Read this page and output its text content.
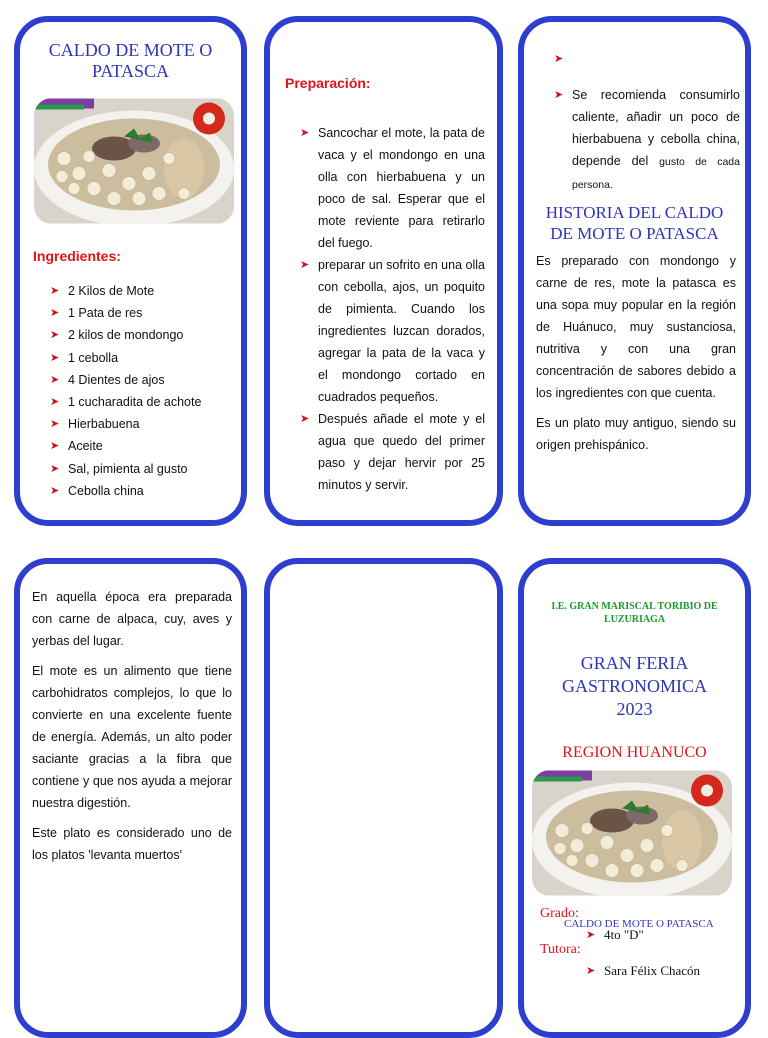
CALDO DE MOTE O PATASCA
Ingredientes:
➤ 2 Kilos de Mote
➤ 1 Pata de res
➤ 2 kilos de mondongo
➤ 1 cebolla
➤ 4 Dientes de ajos
➤ 1 cucharadita de achote
➤ Hierbabuena
➤ Aceite
➤ Sal, pimienta al gusto
➤ Cebolla china
Preparación:
➤ Sancochar el mote, la pata de vaca y el mondongo en una olla con hierbabuena y un poco de sal. Esperar que el mote reviente para retirarlo del fuego.
➤ preparar un sofrito en una olla con cebolla, ajos, un poquito de pimienta. Cuando los ingredientes luzcan dorados, agregar la pata de la vaca y el mondongo cortado en cuadrados pequeños.
➤ Después añade el mote y el agua que quedo del primer paso y dejar hervir por 25 minutos y servir.
➤
➤ Se recomienda consumirlo caliente, añadir un poco de hierbabuena y cebolla china, depende del gusto de cada persona.
HISTORIA DEL CALDO DE MOTE O PATASCA

Es preparado con mondongo y carne de res, mote la patasca es una sopa muy popular en la región de Huánuco, muy sustanciosa, nutritiva y con una gran concentración de sabores debido a los ingredientes con que cuenta.

Es un plato muy antiguo, siendo su origen prehispánico.

En aquella época era preparada con carne de alpaca, cuy, aves y yerbas del lugar.

El mote es un alimento que tiene carbohidratos complejos, lo que lo convierte en una excelente fuente de energía. Además, un alto poder saciante gracias a la fibra que contiene y que nos ayuda a mejorar nuestra digestión.

Este plato es considerado uno de los platos 'levanta muertos'

I.E. GRAN MARISCAL TORIBIO DE LUZURIAGA
GRAN FERIA GASTRONOMICA 2023
REGION HUANUCO
Grado:
CALDO DE MOTE O PATASCA
➤ 4to "D"
Tutora:
➤ Sara Félix Chacón
